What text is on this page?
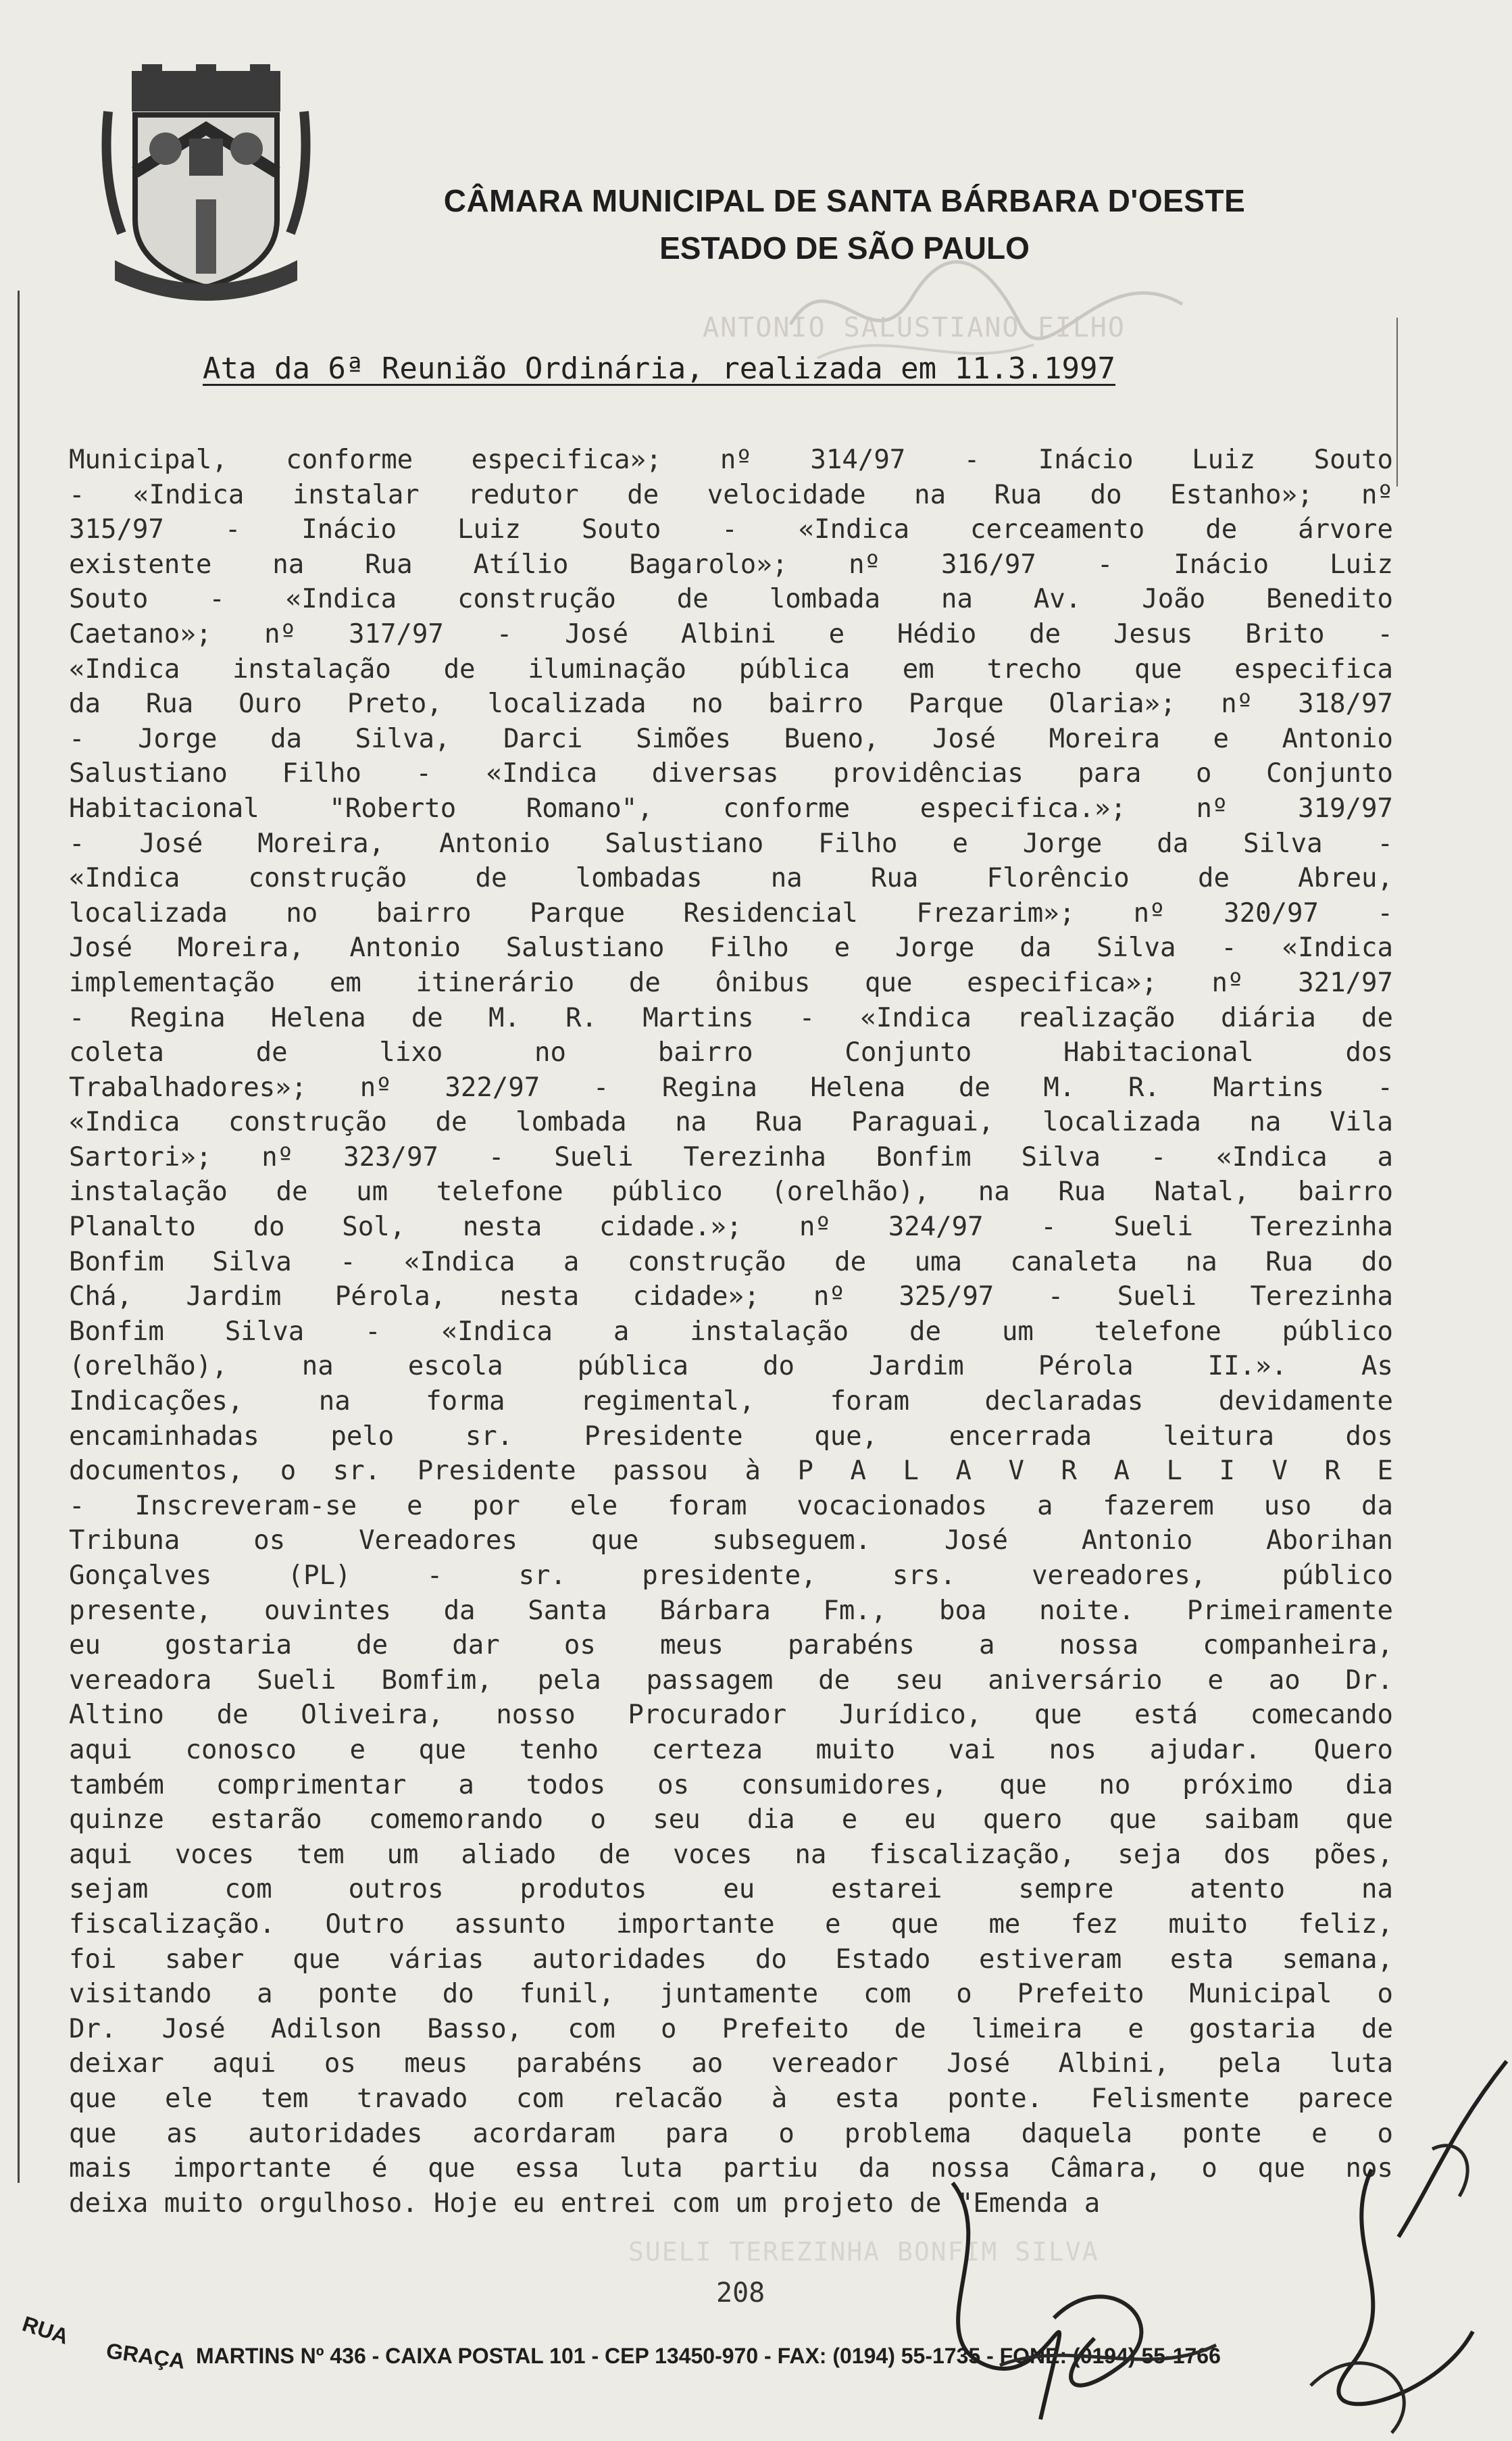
CÂMARA MUNICIPAL DE SANTA BÁRBARA D'OESTE
ESTADO DE SÃO PAULO
ANTONIO SALUSTIANO FILHO
Ata da 6ª Reunião Ordinária, realizada em 11.3.1997
Municipal, conforme especifica»; nº 314/97 - Inácio Luiz Souto
- «Indica instalar redutor de velocidade na Rua do Estanho»; nº
315/97 - Inácio Luiz Souto - «Indica cerceamento de árvore
existente na Rua Atílio Bagarolo»; nº 316/97 - Inácio Luiz
Souto - «Indica construção de lombada na Av. João Benedito
Caetano»; nº 317/97 - José Albini e Hédio de Jesus Brito -
«Indica instalação de iluminação pública em trecho que especifica
da Rua Ouro Preto, localizada no bairro Parque Olaria»; nº 318/97
- Jorge da Silva, Darci Simões Bueno, José Moreira e Antonio
Salustiano Filho - «Indica diversas providências para o Conjunto
Habitacional "Roberto Romano", conforme especifica.»; nº 319/97
- José Moreira, Antonio Salustiano Filho e Jorge da Silva -
«Indica construção de lombadas na Rua Florêncio de Abreu,
localizada no bairro Parque Residencial Frezarim»; nº 320/97 -
José Moreira, Antonio Salustiano Filho e Jorge da Silva - «Indica
implementação em itinerário de ônibus que especifica»; nº 321/97
- Regina Helena de M. R. Martins - «Indica realização diária de
coleta de lixo no bairro Conjunto Habitacional dos
Trabalhadores»; nº 322/97 - Regina Helena de M. R. Martins -
«Indica construção de lombada na Rua Paraguai, localizada na Vila
Sartori»; nº 323/97 - Sueli Terezinha Bonfim Silva - «Indica a
instalação de um telefone público (orelhão), na Rua Natal, bairro
Planalto do Sol, nesta cidade.»; nº 324/97 - Sueli Terezinha
Bonfim Silva - «Indica a construção de uma canaleta na Rua do
Chá, Jardim Pérola, nesta cidade»; nº 325/97 - Sueli Terezinha
Bonfim Silva - «Indica a instalação de um telefone público
(orelhão), na escola pública do Jardim Pérola II.». As
Indicações, na forma regimental, foram declaradas devidamente
encaminhadas pelo sr. Presidente que, encerrada leitura dos
documentos, o sr. Presidente passou à P A L A V R A L I V R E
- Inscreveram-se e por ele foram vocacionados a fazerem uso da
Tribuna os Vereadores que subseguem. José Antonio Aborihan
Gonçalves (PL) - sr. presidente, srs. vereadores, público
presente, ouvintes da Santa Bárbara Fm., boa noite. Primeiramente
eu gostaria de dar os meus parabéns a nossa companheira,
vereadora Sueli Bomfim, pela passagem de seu aniversário e ao Dr.
Altino de Oliveira, nosso Procurador Jurídico, que está comecando
aqui conosco e que tenho certeza muito vai nos ajudar. Quero
também comprimentar a todos os consumidores, que no próximo dia
quinze estarão comemorando o seu dia e eu quero que saibam que
aqui voces tem um aliado de voces na fiscalização, seja dos pões,
sejam com outros produtos eu estarei sempre atento na
fiscalização. Outro assunto importante e que me fez muito feliz,
foi saber que várias autoridades do Estado estiveram esta semana,
visitando a ponte do funil, juntamente com o Prefeito Municipal o
Dr. José Adilson Basso, com o Prefeito de limeira e gostaria de
deixar aqui os meus parabéns ao vereador José Albini, pela luta
que ele tem travado com relacão à esta ponte. Felismente parece
que as autoridades acordaram para o problema daquela ponte e o
mais importante é que essa luta partiu da nossa Câmara, o que nos
deixa muito orgulhoso. Hoje eu entrei com um projeto de "Emenda a
SUELI TEREZINHA BONFIM SILVA
208
RUA
GRAÇA MARTINS Nº 436 - CAIXA POSTAL 101 - CEP 13450-970 - FAX: (0194) 55-1735 - FONE: (0194) 55-1766
